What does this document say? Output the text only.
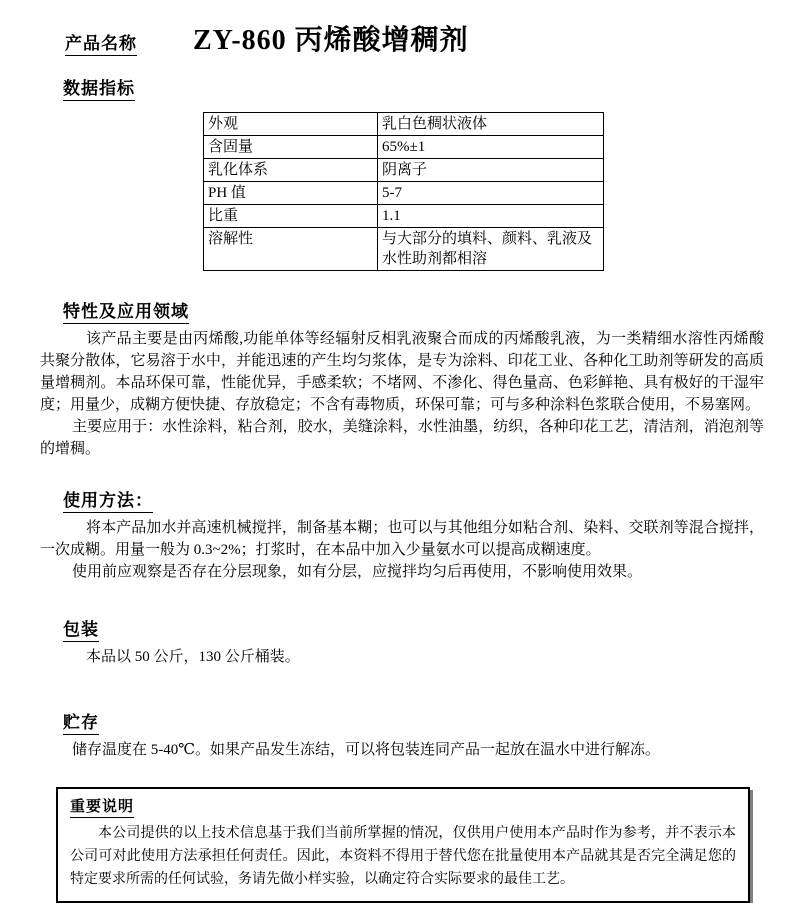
产品名称 ZY-860 丙烯酸增稠剂
数据指标
外观	乳白色稠状液体
含固量	65%±1
乳化体系	阴离子
PH 值	5-7
比重	1.1
溶解性	与大部分的填料、颜料、乳液及水性助剂都相溶
特性及应用领域

该产品主要是由丙烯酸,功能单体等经辐射反相乳液聚合而成的丙烯酸乳液，为一类精细水溶性丙烯酸共聚分散体，它易溶于水中，并能迅速的产生均匀浆体，是专为涂料、印花工业、各种化工助剂等研发的高质量增稠剂。本品环保可靠，性能优异，手感柔软；不堵网、不渗化、得色量高、色彩鲜艳、具有极好的干湿牢度；用量少，成糊方便快捷、存放稳定；不含有毒物质，环保可靠；可与多种涂料色浆联合使用，不易塞网。

主要应用于：水性涂料，粘合剂，胶水，美缝涂料，水性油墨，纺织，各种印花工艺，清洁剂，消泡剂等的增稠。

使用方法：

将本产品加水并高速机械搅拌，制备基本糊；也可以与其他组分如粘合剂、染料、交联剂等混合搅拌，一次成糊。用量一般为 0.3~2%；打浆时，在本品中加入少量氨水可以提高成糊速度。

使用前应观察是否存在分层现象，如有分层，应搅拌均匀后再使用，不影响使用效果。

包装

本品以 50 公斤，130 公斤桶装。

贮存

储存温度在 5-40℃。如果产品发生冻结，可以将包装连同产品一起放在温水中进行解冻。

重要说明

本公司提供的以上技术信息基于我们当前所掌握的情况，仅供用户使用本产品时作为参考，并不表示本公司可对此使用方法承担任何责任。因此，本资料不得用于替代您在批量使用本产品就其是否完全满足您的特定要求所需的任何试验，务请先做小样实验，以确定符合实际要求的最佳工艺。
